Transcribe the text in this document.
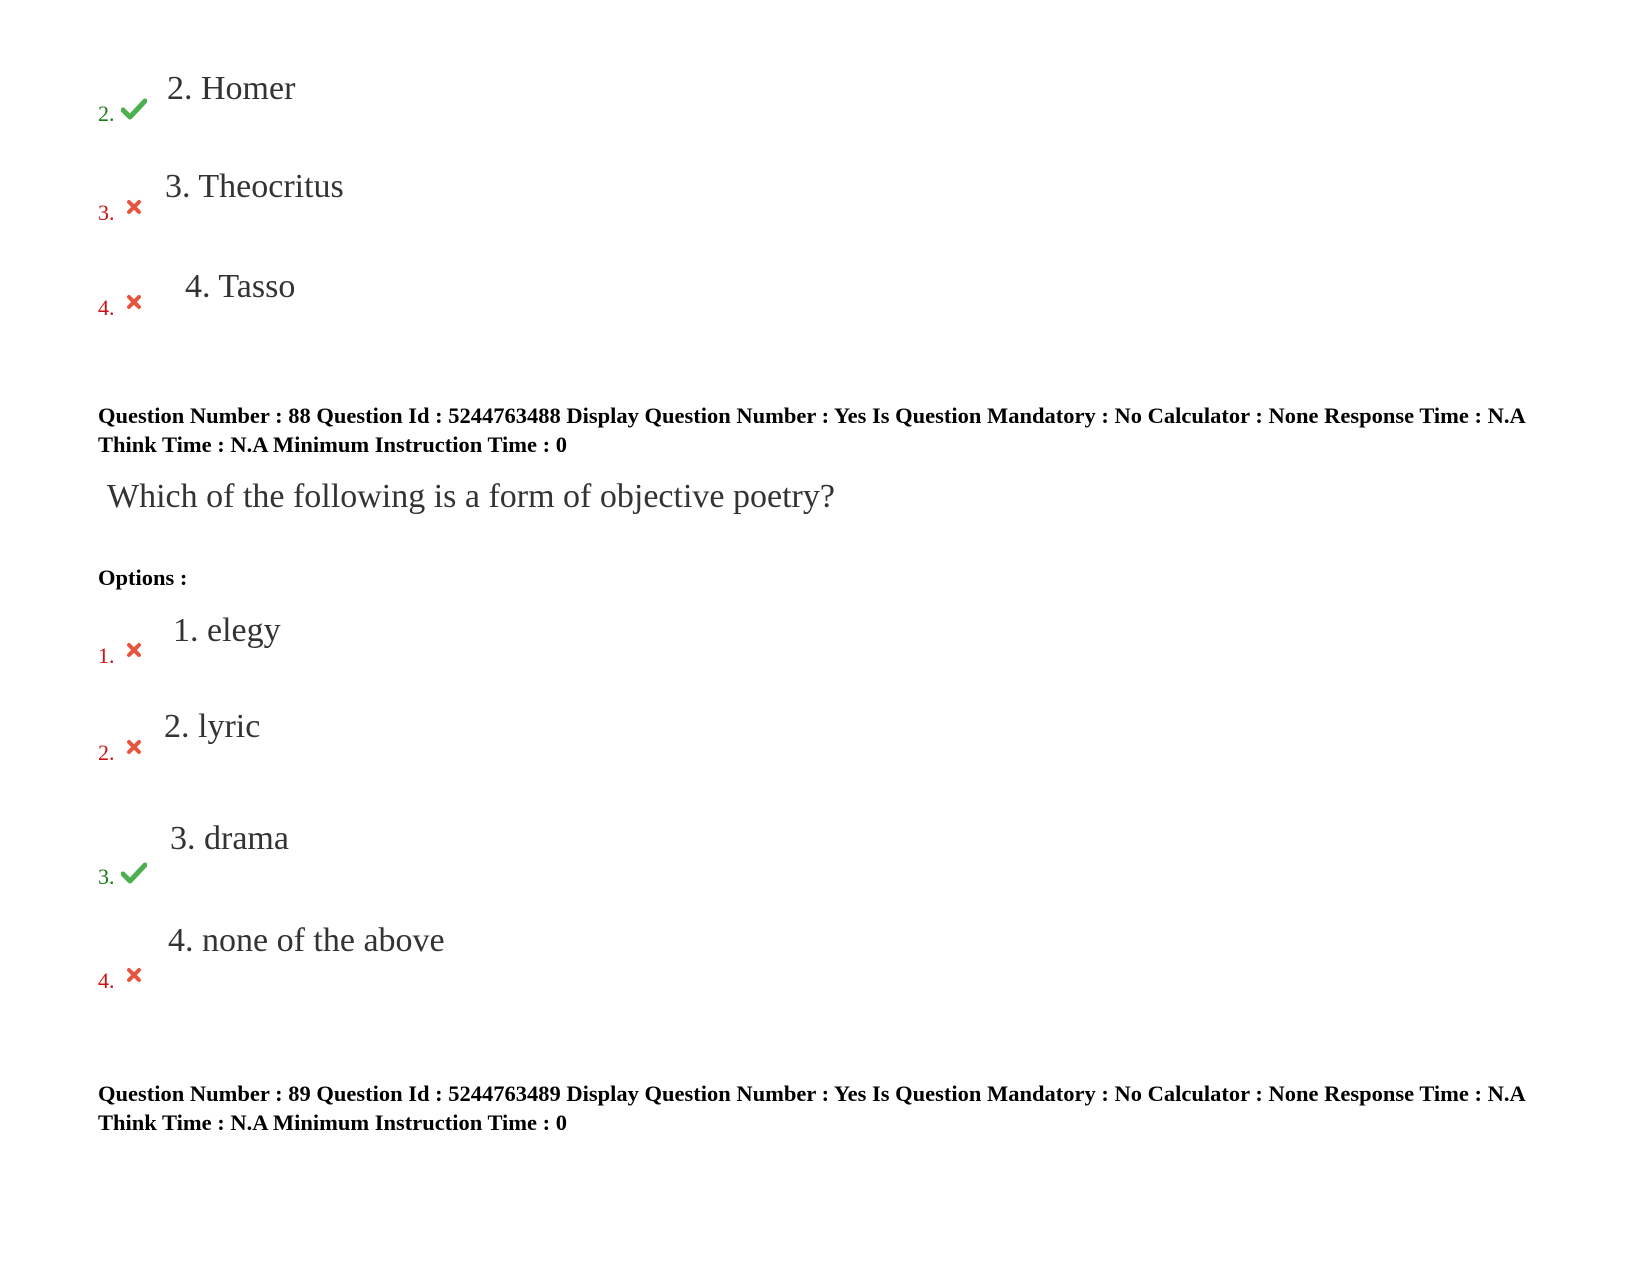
2.
2. Homer
3.
3. Theocritus
4.
4. Tasso
Question Number : 88 Question Id : 5244763488 Display Question Number : Yes Is Question Mandatory : No Calculator : None Response Time : N.A Think Time : N.A Minimum Instruction Time : 0
Which of the following is a form of objective poetry?
Options :
1.
1. elegy
2.
2. lyric
3.
3. drama
4.
4. none of the above
Question Number : 89 Question Id : 5244763489 Display Question Number : Yes Is Question Mandatory : No Calculator : None Response Time : N.A Think Time : N.A Minimum Instruction Time : 0
